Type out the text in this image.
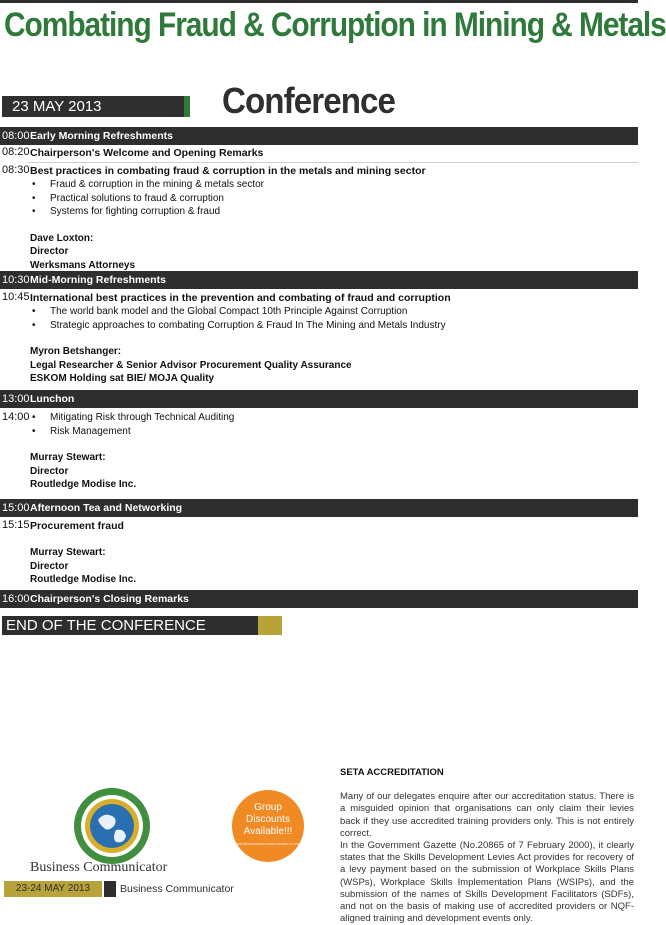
Combating Fraud & Corruption in Mining & Metals
23 MAY 2013	Conference
08:00 Early Morning Refreshments
08:20 Chairperson's Welcome and Opening Remarks
08:30 Best practices in combating fraud & corruption in the metals and mining sector
• Fraud & corruption in the mining & metals sector
• Practical solutions to fraud & corruption
• Systems for fighting corruption & fraud
Dave Loxton:
Director
Werksmans Attorneys
10:30 Mid-Morning Refreshments
10:45 International best practices in the prevention and combating of fraud and corruption
• The world bank model and the Global Compact 10th Principle Against Corruption
• Strategic approaches to combating Corruption & Fraud In The Mining and Metals Industry
Myron Betshanger:
Legal Researcher & Senior Advisor Procurement Quality Assurance
ESKOM Holding sat BIE/ MOJA Quality
13:00 Lunchon
14:00
•	Mitigating Risk through Technical Auditing
• Risk Management
Murray Stewart:
Director
Routledge Modise Inc.
15:00 Afternoon Tea and Networking
15:15 Procurement fraud
Murray Stewart:
Director
Routledge Modise Inc.
16:00 Chairperson's Closing Remarks
END OF THE CONFERENCE
Business Communicator
Group
Discounts
Available!!!
info@businesscommunicator.co.za
SETA ACCREDITATION

Many of our delegates enquire after our accreditation status. There is a misguided opinion that organisations can only claim their levies back if they use accredited training providers only. This is not entirely correct.

In the Government Gazette (No.20865 of 7 February 2000), it clearly states that the Skills Development Levies Act provides for recovery of a levy payment based on the submission of Workplace Skills Plans (WSPs), Workplace Skills Implementation Plans (WSIPs), and the submission of the names of Skills Development Facilitators (SDFs), and not on the basis of making use of accredited providers or NQF-aligned training and development events only.

23-24 MAY 2013	Business Communicator
